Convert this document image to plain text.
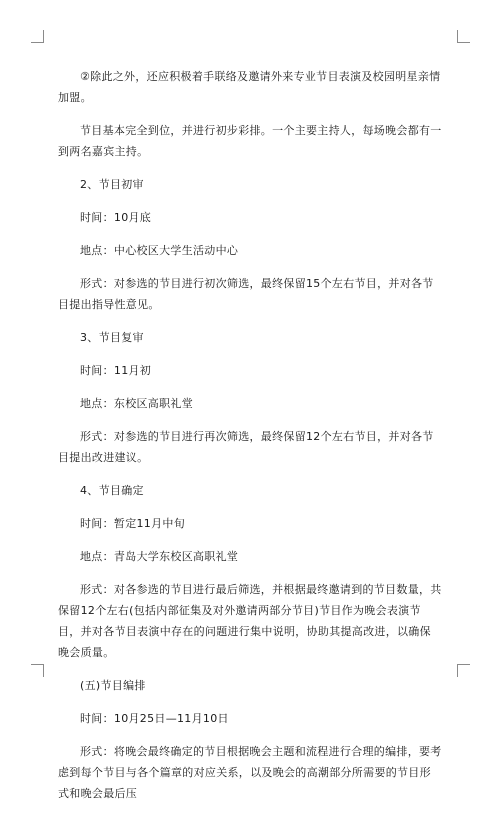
②除此之外，还应积极着手联络及邀请外来专业节目表演及校园明星亲情加盟。

节目基本完全到位，并进行初步彩排。一个主要主持人，每场晚会都有一到两名嘉宾主持。

2、节目初审

时间：10月底

地点：中心校区大学生活动中心

形式：对参选的节目进行初次筛选，最终保留15个左右节目，并对各节目提出指导性意见。

3、节目复审

时间：11月初

地点：东校区高职礼堂

形式：对参选的节目进行再次筛选，最终保留12个左右节目，并对各节目提出改进建议。

4、节目确定

时间：暂定11月中旬

地点：青岛大学东校区高职礼堂

形式：对各参选的节目进行最后筛选，并根据最终邀请到的节目数量，共保留12个左右(包括内部征集及对外邀请两部分节目)节目作为晚会表演节目，并对各节目表演中存在的问题进行集中说明，协助其提高改进，以确保晚会质量。

(五)节目编排

时间：10月25日—11月10日

形式：将晚会最终确定的节目根据晚会主题和流程进行合理的编排，要考虑到每个节目与各个篇章的对应关系，以及晚会的高潮部分所需要的节目形式和晚会最后压
